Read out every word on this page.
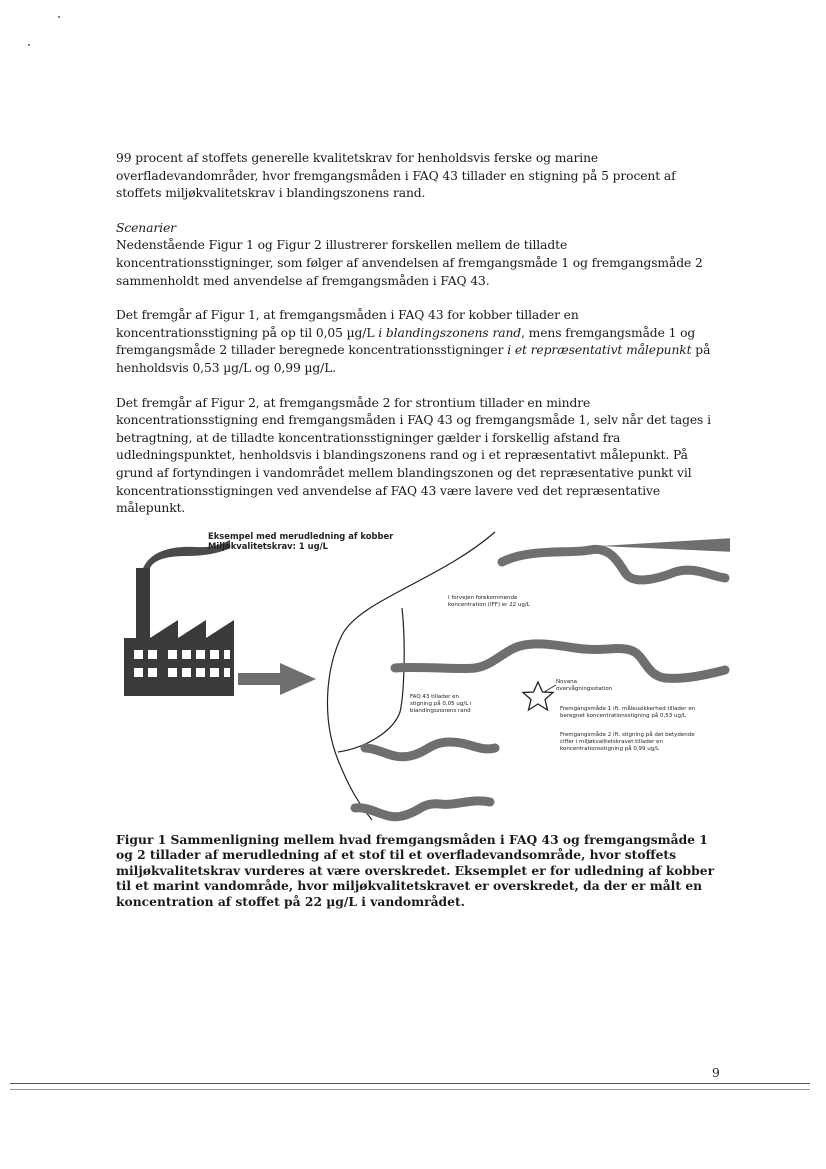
99 procent af stoffets generelle kvalitetskrav for henholdsvis ferske og marine overfladevandområder, hvor fremgangsmåden i FAQ 43 tillader en stigning på 5 procent af stoffets miljøkvalitetskrav i blandingszonens rand.

Scenarier

Nedenstående Figur 1 og Figur 2 illustrerer forskellen mellem de tilladte koncentrationsstigninger, som følger af anvendelsen af fremgangsmåde 1 og fremgangsmåde 2 sammenholdt med anvendelse af fremgangsmåden i FAQ 43.

Det fremgår af Figur 1, at fremgangsmåden i FAQ 43 for kobber tillader en koncentrationsstigning på op til 0,05 µg/L i blandingszonens rand, mens fremgangsmåde 1 og fremgangsmåde 2 tillader beregnede koncentrationsstigninger i et repræsentativt målepunkt på henholdsvis 0,53 µg/L og 0,99 µg/L.

Det fremgår af Figur 2, at fremgangsmåde 2 for strontium tillader en mindre koncentrationsstigning end fremgangsmåden i FAQ 43 og fremgangsmåde 1, selv når det tages i betragtning, at de tilladte koncentrationsstigninger gælder i forskellig afstand fra udledningspunktet, henholdsvis i blandingszonens rand og i et repræsentativt målepunkt. På grund af fortyndingen i vandområdet mellem blandingszonen og det repræsentative punkt vil koncentrationsstigningen ved anvendelse af FAQ 43 være lavere ved det repræsentative målepunkt.

Eksempel med merudledning af kobber
Miljøkvalitetskrav: 1 ug/L
I forvejen forekommende
koncentration (IFF) er 22 ug/L
FAQ 43 tillader en
stigning på 0,05 ug/L i
blandingszonens rand
Novana
overvågningsstation
Fremgangsmåde 1 ift. måleusikkerhed tillader en
beregnet koncentrationsstigning på 0,53 ug/L
Fremgangsmåde 2 ift. stigning på det betydende
ciffer i miljøkvalitetskravet tillader en
koncentrationsstigning på 0,99 ug/L
Figur 1 Sammenligning mellem hvad fremgangsmåden i FAQ 43 og fremgangsmåde 1 og 2 tillader af merudledning af et stof til et overfladevandsområde, hvor stoffets miljøkvalitetskrav vurderes at være overskredet. Eksemplet er for udledning af kobber til et marint vandområde, hvor miljøkvalitetskravet er overskredet, da der er målt en koncentration af stoffet på 22 µg/L i vandområdet.
9
